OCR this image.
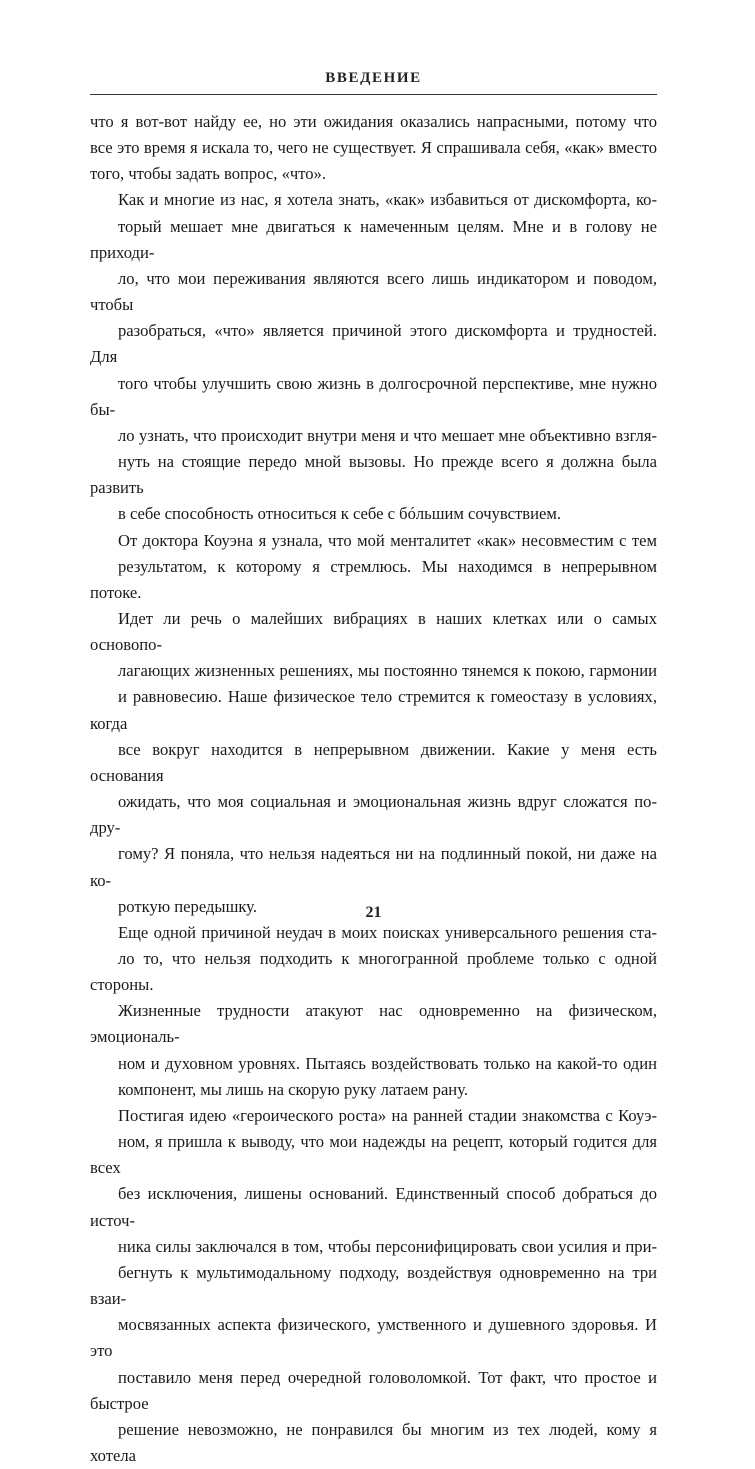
ВВЕДЕНИЕ

что я вот-вот найду ее, но эти ожидания оказались напрасными, потому что
все это время я искала то, чего не существует. Я спрашивала себя, «как» вместо
того, чтобы задать вопрос, «что».

Как и многие из нас, я хотела знать, «как» избавиться от дискомфорта, ко-
торый мешает мне двигаться к намеченным целям. Мне и в голову не приходи-
ло, что мои переживания являются всего лишь индикатором и поводом, чтобы
разобраться, «что» является причиной этого дискомфорта и трудностей. Для
того чтобы улучшить свою жизнь в долгосрочной перспективе, мне нужно бы-
ло узнать, что происходит внутри меня и что мешает мне объективно взгля-
нуть на стоящие передо мной вызовы. Но прежде всего я должна была развить
в себе способность относиться к себе с бóльшим сочувствием.

От доктора Коуэна я узнала, что мой менталитет «как» несовместим с тем
результатом, к которому я стремлюсь. Мы находимся в непрерывном потоке.
Идет ли речь о малейших вибрациях в наших клетках или о самых основопо-
лагающих жизненных решениях, мы постоянно тянемся к покою, гармонии
и равновесию. Наше физическое тело стремится к гомеостазу в условиях, когда
все вокруг находится в непрерывном движении. Какие у меня есть основания
ожидать, что моя социальная и эмоциональная жизнь вдруг сложатся по-дру-
гому? Я поняла, что нельзя надеяться ни на подлинный покой, ни даже на ко-
роткую передышку.

Еще одной причиной неудач в моих поисках универсального решения ста-
ло то, что нельзя подходить к многогранной проблеме только с одной стороны.
Жизненные трудности атакуют нас одновременно на физическом, эмоциональ-
ном и духовном уровнях. Пытаясь воздействовать только на какой-то один
компонент, мы лишь на скорую руку латаем рану.

Постигая идею «героического роста» на ранней стадии знакомства с Коуэ-
ном, я пришла к выводу, что мои надежды на рецепт, который годится для всех
без исключения, лишены оснований. Единственный способ добраться до источ-
ника силы заключался в том, чтобы персонифицировать свои усилия и при-
бегнуть к мультимодальному подходу, воздействуя одновременно на три взаи-
мосвязанных аспекта физического, умственного и душевного здоровья. И это
поставило меня перед очередной головоломкой. Тот факт, что простое и быстрое
решение невозможно, не понравился бы многим из тех людей, кому я хотела

21
